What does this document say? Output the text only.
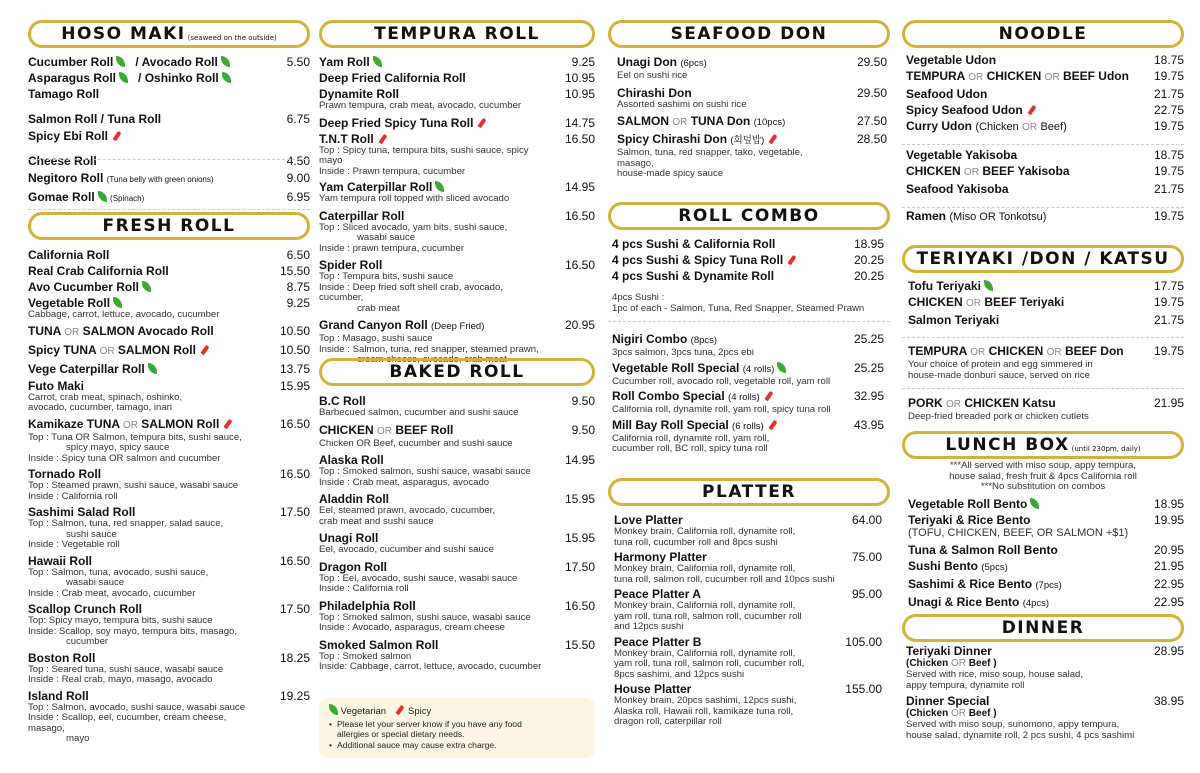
HOSO MAKI (seaweed on the outside)
Cucumber Roll / Avocado Roll	5.50
Asparagus Roll / Oshinko Roll
Tamago Roll
Salmon Roll / Tuna Roll	6.75
Spicy Ebi Roll
Cheese Roll	4.50
Negitoro Roll (Tuna belly with green onions)	9.00
Gomae Roll (Spinach)	6.95
FRESH ROLL
California Roll	6.50
Real Crab California Roll	15.50
Avo Cucumber Roll	8.75
Vegetable Roll	9.25
Cabbage, carrot, lettuce, avocado, cucumber
TUNA OR SALMON Avocado Roll	10.50
Spicy TUNA OR SALMON Roll	10.50
Vege Caterpillar Roll	13.75
Futo Maki	15.95
Carrot, crab meat, spinach, oshinko,
avocado, cucumber, tamago, inari
Kamikaze TUNA OR SALMON Roll	16.50
Top : Tuna OR Salmon, tempura bits, sushi sauce,
spicy mayo, spicy sauce
Inside : Spicy tuna OR salmon and cucumber
Tornado Roll	16.50
Top : Steamed prawn, sushi sauce, wasabi sauce
Inside : California roll
Sashimi Salad Roll	17.50
Top : Salmon, tuna, red snapper, salad sauce,
sushi sauce
Inside : Vegetable roll
Hawaii Roll	16.50
Top : Salmon, tuna, avocado, sushi sauce,
wasabi sauce
Inside : Crab meat, avocado, cucumber
Scallop Crunch Roll	17.50
Top: Spicy mayo, tempura bits, sushi sauce
Inside: Scallop, soy mayo, tempura bits, masago,
cucumber
Boston Roll	18.25
Top : Seared tuna, sushi sauce, wasabi sauce
Inside : Real crab, mayo, masago, avocado
Island Roll	19.25
Top : Salmon, avocado, sushi sauce, wasabi sauce
Inside : Scallop, eel, cucumber, cream cheese, masago,
mayo
TEMPURA ROLL
Yam Roll	9.25
Deep Fried California Roll	10.95
Dynamite Roll	10.95
Prawn tempura, crab meat, avocado, cucumber
Deep Fried Spicy Tuna Roll	14.75
T.N.T Roll	16.50
Top : Spicy tuna, tempura bits, sushi sauce, spicy mayo
Inside : Prawn tempura, cucumber
Yam Caterpillar Roll	14.95
Yam tempura roll topped with sliced avocado
Caterpillar Roll	16.50
Top : Sliced avocado, yam bits, sushi sauce,
wasabi sauce
Inside : prawn tempura, cucumber
Spider Roll	16.50
Top : Tempura bits, sushi sauce
Inside : Deep fried soft shell crab, avocado, cucumber,
crab meat
Grand Canyon Roll (Deep Fried)	20.95
Top : Masago, sushi sauce
Inside : Salmon, tuna, red snapper, steamed prawn,
cream cheese, avocado, crab meat
BAKED ROLL
B.C Roll	9.50
Barbecued salmon, cucumber and sushi sauce
CHICKEN OR BEEF Roll	9.50
Chicken OR Beef, cucumber and sushi sauce
Alaska Roll	14.95
Top : Smoked salmon, sushi sauce, wasabi sauce
Inside : Crab meat, asparagus, avocado
Aladdin Roll	15.95
Eel, steamed prawn, avocado, cucumber,
crab meat and sushi sauce
Unagi Roll	15.95
Eel, avocado, cucumber and sushi sauce
Dragon Roll	17.50
Top : Eel, avocado, sushi sauce, wasabi sauce
Inside : California roll
Philadelphia Roll	16.50
Top : Smoked salmon, sushi sauce, wasabi sauce
Inside : Avocado, asparagus, cream cheese
Smoked Salmon Roll	15.50
Top : Smoked salmon
Inside: Cabbage, carrot, lettuce, avocado, cucumber
Vegetarian Spicy
• Please let your server know if you have any food
allergies or special dietary needs.
• Additional sauce may cause extra charge.
SEAFOOD DON
Unagi Don (6pcs)	29.50
Eel on sushi rice
Chirashi Don	29.50
Assorted sashimi on sushi rice
SALMON OR TUNA Don (10pcs)	27.50
Spicy Chirashi Don (회덮밥)	28.50
Salmon, tuna, red snapper, tako, vegetable, masago,
house-made spicy sauce
ROLL COMBO
4 pcs Sushi & California Roll	18.95
4 pcs Sushi & Spicy Tuna Roll	20.25
4 pcs Sushi & Dynamite Roll	20.25
4pcs Sushi :
1pc of each - Salmon, Tuna, Red Snapper, Steamed Prawn
Nigiri Combo (8pcs)	25.25
3pcs salmon, 3pcs tuna, 2pcs ebi
Vegetable Roll Special (4 rolls)	25.25
Cucumber roll, avocado roll, vegetable roll, yam roll
Roll Combo Special (4 rolls)	32.95
California roll, dynamite roll, yam roll, spicy tuna roll
Mill Bay Roll Special (6 rolls)	43.95
California roll, dynamite roll, yam roll,
cucumber roll, BC roll, spicy tuna roll
PLATTER
Love Platter	64.00
Monkey brain, California roll, dynamite roll,
tuna roll, cucumber roll and 8pcs sushi
Harmony Platter	75.00
Monkey brain, California roll, dynamite roll,
tuna roll, salmon roll, cucumber roll and 10pcs sushi
Peace Platter A	95.00
Monkey brain, California roll, dynamite roll,
yam roll, tuna roll, salmon roll, cucumber roll
and 12pcs sushi
Peace Platter B	105.00
Monkey brain, California roll, dynamite roll,
yam roll, tuna roll, salmon roll, cucumber roll,
8pcs sashimi, and 12pcs sushi
House Platter	155.00
Monkey brain, 20pcs sashimi, 12pcs sushi,
Alaska roll, Hawaii roll, kamikaze tuna roll,
dragon roll, caterpillar roll
NOODLE
Vegetable Udon	18.75
TEMPURA OR CHICKEN OR BEEF Udon	19.75
Seafood Udon	21.75
Spicy Seafood Udon	22.75
Curry Udon (Chicken OR Beef)	19.75
Vegetable Yakisoba	18.75
CHICKEN OR BEEF Yakisoba	19.75
Seafood Yakisoba	21.75
Ramen (Miso OR Tonkotsu)	19.75
TERIYAKI /DON / KATSU
Tofu Teriyaki	17.75
CHICKEN OR BEEF Teriyaki	19.75
Salmon Teriyaki	21.75
TEMPURA OR CHICKEN OR BEEF Don	19.75
Your choice of protein and egg simmered in
house-made donburi sauce, served on rice
PORK OR CHICKEN Katsu	21.95
Deep-fried breaded pork or chicken cutlets
LUNCH BOX (until 230pm, daily)
***All served with miso soup, appy tempura,
house salad, fresh fruit & 4pcs California roll
***No substitution on combos
Vegetable Roll Bento	18.95
Teriyaki & Rice Bento	19.95
(TOFU, CHICKEN, BEEF, OR SALMON +$1)
Tuna & Salmon Roll Bento	20.95
Sushi Bento (5pcs)	21.95
Sashimi & Rice Bento (7pcs)	22.95
Unagi & Rice Bento (4pcs)	22.95
DINNER
Teriyaki Dinner	28.95
(Chicken OR Beef )
Served with rice, miso soup, house salad,
appy tempura, dynamite roll
Dinner Special	38.95
(Chicken OR Beef )
Served with miso soup, sunomono, appy tempura,
house salad, dynamite roll, 2 pcs sushi, 4 pcs sashimi
